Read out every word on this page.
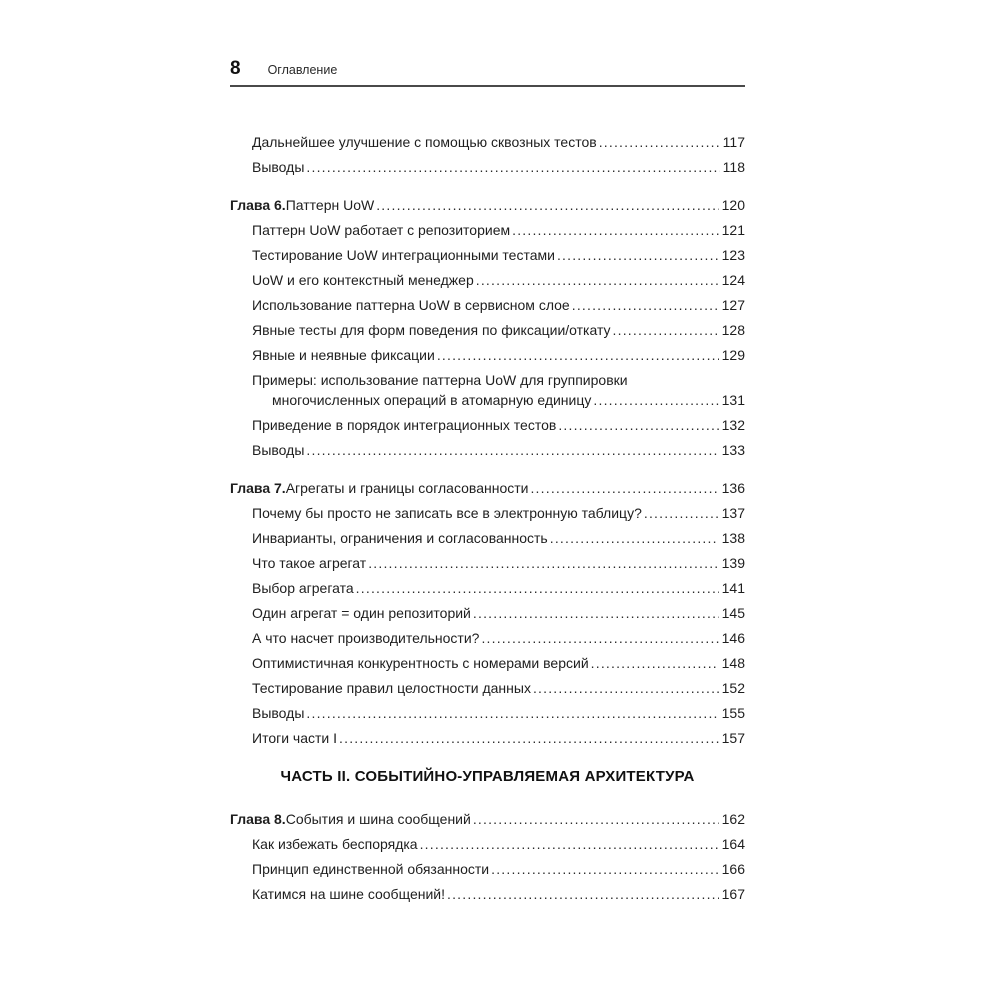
8 Оглавление
Дальнейшее улучшение с помощью сквозных тестов .....	117
Выводы .....	118
Глава 6. Паттерн UoW .....	120
Паттерн UoW работает с репозиторием .....	121
Тестирование UoW интеграционными тестами .....	123
UoW и его контекстный менеджер .....	124
Использование паттерна UoW в сервисном слое .....	127
Явные тесты для форм поведения по фиксации/откату .....	128
Явные и неявные фиксации .....	129
Примеры: использование паттерна UoW для группировки
многочисленных операций в атомарную единицу .....	131
Приведение в порядок интеграционных тестов .....	132
Выводы .....	133
Глава 7. Агрегаты и границы согласованности .....	136
Почему бы просто не записать все в электронную таблицу? .....	137
Инварианты, ограничения и согласованность .....	138
Что такое агрегат .....	139
Выбор агрегата .....	141
Один агрегат = один репозиторий .....	145
А что насчет производительности? .....	146
Оптимистичная конкурентность с номерами версий .....	148
Тестирование правил целостности данных .....	152
Выводы .....	155
Итоги части I .....	157
ЧАСТЬ II. СОБЫТИЙНО-УПРАВЛЯЕМАЯ АРХИТЕКТУРА
Глава 8. События и шина сообщений .....	162
Как избежать беспорядка .....	164
Принцип единственной обязанности .....	166
Катимся на шине сообщений! .....	167
